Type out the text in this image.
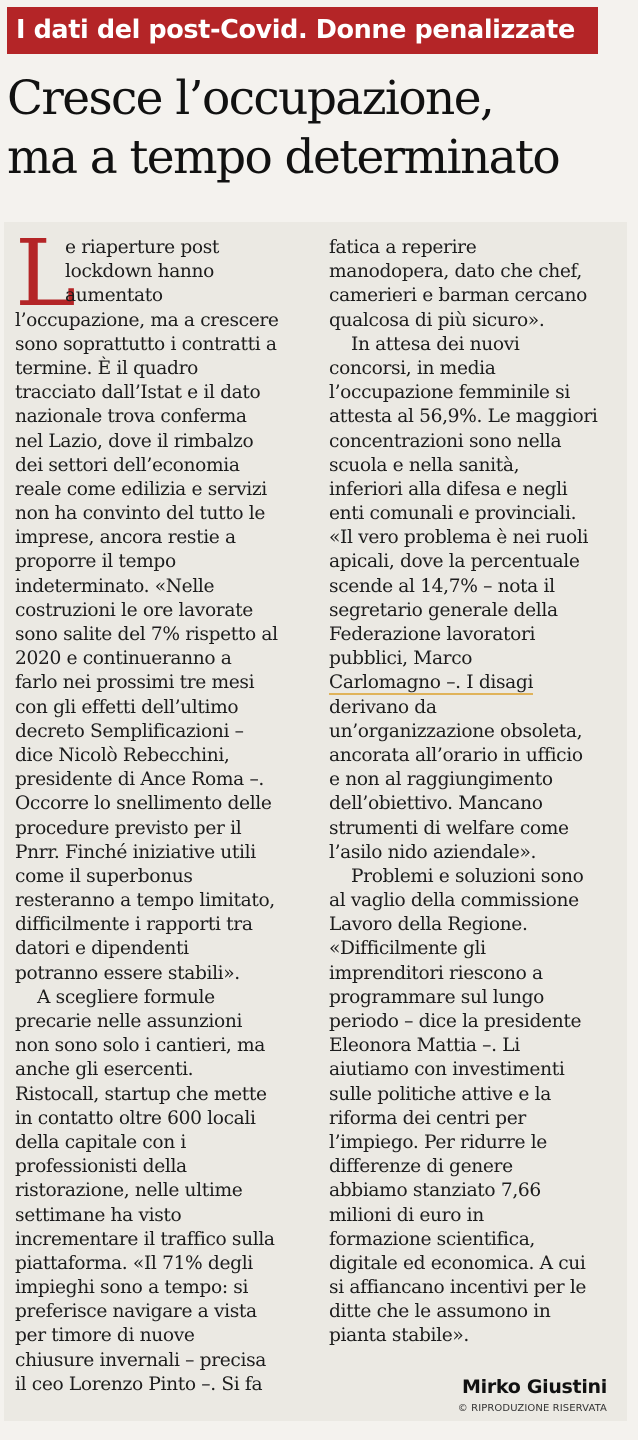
I dati del post-Covid. Donne penalizzate
Cresce l’occupazione,
ma a tempo determinato
L
e riaperture post
lockdown hanno
aumentato
l’occupazione, ma a crescere
sono soprattutto i contratti a
termine. È il quadro
tracciato dall’Istat e il dato
nazionale trova conferma
nel Lazio, dove il rimbalzo
dei settori dell’economia
reale come edilizia e servizi
non ha convinto del tutto le
imprese, ancora restie a
proporre il tempo
indeterminato. «Nelle
costruzioni le ore lavorate
sono salite del 7% rispetto al
2020 e continueranno a
farlo nei prossimi tre mesi
con gli effetti dell’ultimo
decreto Semplificazioni –
dice Nicolò Rebecchini,
presidente di Ance Roma –.
Occorre lo snellimento delle
procedure previsto per il
Pnrr. Finché iniziative utili
come il superbonus
resteranno a tempo limitato,
difficilmente i rapporti tra
datori e dipendenti
potranno essere stabili».
A scegliere formule
precarie nelle assunzioni
non sono solo i cantieri, ma
anche gli esercenti.
Ristocall, startup che mette
in contatto oltre 600 locali
della capitale con i
professionisti della
ristorazione, nelle ultime
settimane ha visto
incrementare il traffico sulla
piattaforma. «Il 71% degli
impieghi sono a tempo: si
preferisce navigare a vista
per timore di nuove
chiusure invernali – precisa
il ceo Lorenzo Pinto –. Si fa
fatica a reperire
manodopera, dato che chef,
camerieri e barman cercano
qualcosa di più sicuro».
In attesa dei nuovi
concorsi, in media
l’occupazione femminile si
attesta al 56,9%. Le maggiori
concentrazioni sono nella
scuola e nella sanità,
inferiori alla difesa e negli
enti comunali e provinciali.
«Il vero problema è nei ruoli
apicali, dove la percentuale
scende al 14,7% – nota il
segretario generale della
Federazione lavoratori
pubblici, Marco
Carlomagno –. I disagi
derivano da
un’organizzazione obsoleta,
ancorata all’orario in ufficio
e non al raggiungimento
dell’obiettivo. Mancano
strumenti di welfare come
l’asilo nido aziendale».
Problemi e soluzioni sono
al vaglio della commissione
Lavoro della Regione.
«Difficilmente gli
imprenditori riescono a
programmare sul lungo
periodo – dice la presidente
Eleonora Mattia –. Li
aiutiamo con investimenti
sulle politiche attive e la
riforma dei centri per
l’impiego. Per ridurre le
differenze di genere
abbiamo stanziato 7,66
milioni di euro in
formazione scientifica,
digitale ed economica. A cui
si affiancano incentivi per le
ditte che le assumono in
pianta stabile».
Mirko Giustini
© RIPRODUZIONE RISERVATA
